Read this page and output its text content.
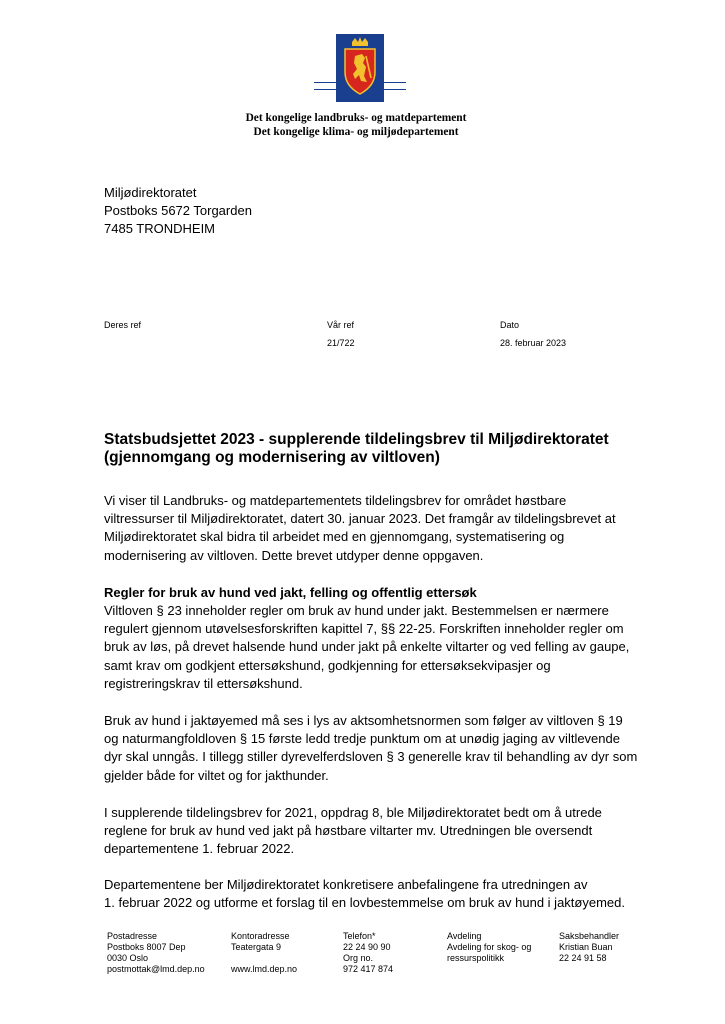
Det kongelige landbruks- og matdepartement
Det kongelige klima- og miljødepartement
Miljødirektoratet
Postboks 5672 Torgarden
7485 TRONDHEIM
Deres ref	Vår ref
21/722
Dato
28. februar 2023
Statsbudsjettet 2023 - supplerende tildelingsbrev til Miljødirektoratet
(gjennomgang og modernisering av viltloven)
Vi viser til Landbruks- og matdepartementets tildelingsbrev for området høstbare
viltressurser til Miljødirektoratet, datert 30. januar 2023. Det framgår av tildelingsbrevet at
Miljødirektoratet skal bidra til arbeidet med en gjennomgang, systematisering og
modernisering av viltloven. Dette brevet utdyper denne oppgaven.
Regler for bruk av hund ved jakt, felling og offentlig ettersøk
Viltloven § 23 inneholder regler om bruk av hund under jakt. Bestemmelsen er nærmere
regulert gjennom utøvelsesforskriften kapittel 7, §§ 22-25. Forskriften inneholder regler om
bruk av løs, på drevet halsende hund under jakt på enkelte viltarter og ved felling av gaupe,
samt krav om godkjent ettersøkshund, godkjenning for ettersøksekvipasjer og
registreringskrav til ettersøkshund.
Bruk av hund i jaktøyemed må ses i lys av aktsomhetsnormen som følger av viltloven § 19
og naturmangfoldloven § 15 første ledd tredje punktum om at unødig jaging av viltlevende
dyr skal unngås. I tillegg stiller dyrevelferdsloven § 3 generelle krav til behandling av dyr som
gjelder både for viltet og for jakthunder.
I supplerende tildelingsbrev for 2021, oppdrag 8, ble Miljødirektoratet bedt om å utrede
reglene for bruk av hund ved jakt på høstbare viltarter mv. Utredningen ble oversendt
departementene 1. februar 2022.
Departementene ber Miljødirektoratet konkretisere anbefalingene fra utredningen av
1. februar 2022 og utforme et forslag til en lovbestemmelse om bruk av hund i jaktøyemed.
Postadresse
Postboks 8007 Dep
0030 Oslo
postmottak@lmd.dep.no
Kontoradresse
Teatergata 9

www.lmd.dep.no
Telefon*
22 24 90 90
Org no.
972 417 874
Avdeling
Avdeling for skog- og
ressurspolitikk
Saksbehandler
Kristian Buan
22 24 91 58
